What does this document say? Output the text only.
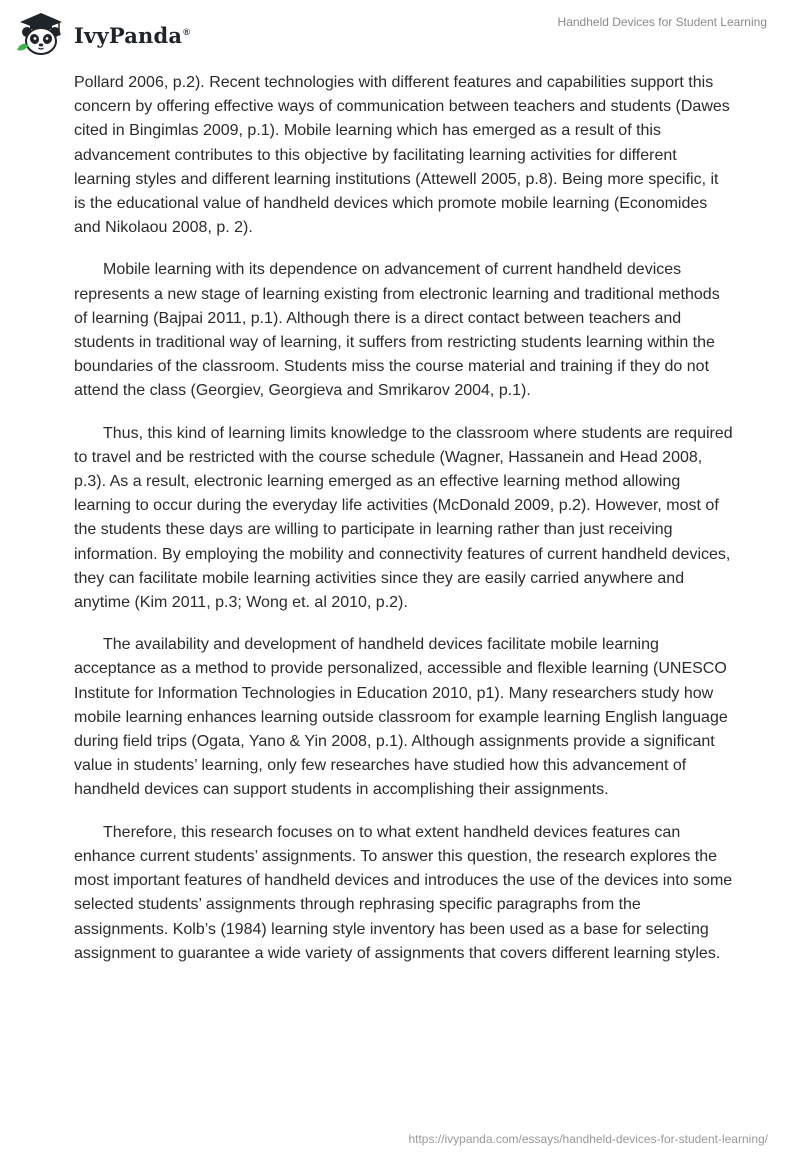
IvyPanda®
Handheld Devices for Student Learning

Pollard 2006, p.2). Recent technologies with different features and capabilities support this concern by offering effective ways of communication between teachers and students (Dawes cited in Bingimlas 2009, p.1). Mobile learning which has emerged as a result of this advancement contributes to this objective by facilitating learning activities for different learning styles and different learning institutions (Attewell 2005, p.8). Being more specific, it is the educational value of handheld devices which promote mobile learning (Economides and Nikolaou 2008, p. 2).

Mobile learning with its dependence on advancement of current handheld devices represents a new stage of learning existing from electronic learning and traditional methods of learning (Bajpai 2011, p.1). Although there is a direct contact between teachers and students in traditional way of learning, it suffers from restricting students learning within the boundaries of the classroom. Students miss the course material and training if they do not attend the class (Georgiev, Georgieva and Smrikarov 2004, p.1).

Thus, this kind of learning limits knowledge to the classroom where students are required to travel and be restricted with the course schedule (Wagner, Hassanein and Head 2008, p.3). As a result, electronic learning emerged as an effective learning method allowing learning to occur during the everyday life activities (McDonald 2009, p.2). However, most of the students these days are willing to participate in learning rather than just receiving information. By employing the mobility and connectivity features of current handheld devices, they can facilitate mobile learning activities since they are easily carried anywhere and anytime (Kim 2011, p.3; Wong et. al 2010, p.2).

The availability and development of handheld devices facilitate mobile learning acceptance as a method to provide personalized, accessible and flexible learning (UNESCO Institute for Information Technologies in Education 2010, p1). Many researchers study how mobile learning enhances learning outside classroom for example learning English language during field trips (Ogata, Yano & Yin 2008, p.1). Although assignments provide a significant value in students’ learning, only few researches have studied how this advancement of handheld devices can support students in accomplishing their assignments.

Therefore, this research focuses on to what extent handheld devices features can enhance current students’ assignments. To answer this question, the research explores the most important features of handheld devices and introduces the use of the devices into some selected students’ assignments through rephrasing specific paragraphs from the assignments. Kolb’s (1984) learning style inventory has been used as a base for selecting assignment to guarantee a wide variety of assignments that covers different learning styles.

https://ivypanda.com/essays/handheld-devices-for-student-learning/
